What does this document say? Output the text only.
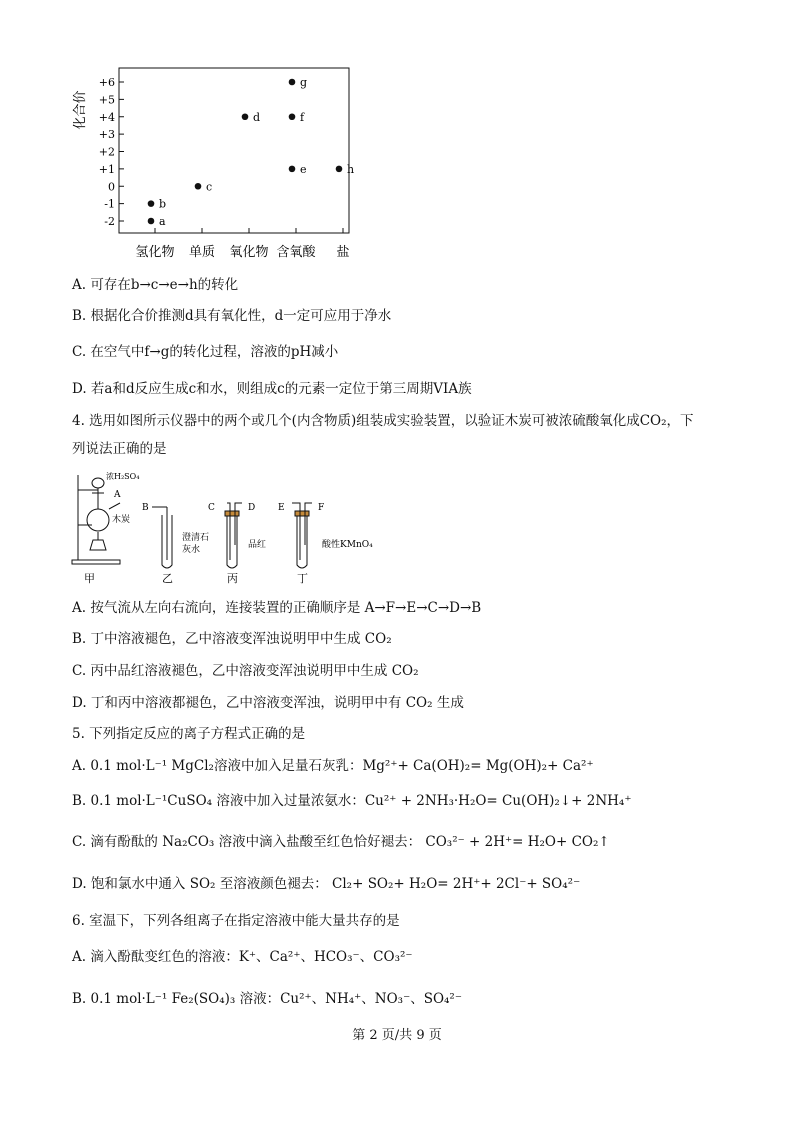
化合价
+6
+5
+4
+3
+2
+1
0
-1
-2
氢化物 单质 氧化物 含氧酸 盐
a
b
c
d
g
f
e	h
A. 可存在b→c→e→h的转化
B. 根据化合价推测d具有氧化性，d一定可应用于净水
C. 在空气中f→g的转化过程，溶液的pH减小
D. 若a和d反应生成c和水，则组成c的元素一定位于第三周期VIA族
4. 选用如图所示仪器中的两个或几个(内含物质)组装成实验装置，以验证木炭可被浓硫酸氧化成CO₂，下
列说法正确的是
浓H₂SO₄
A
木炭
甲
B
澄清石
灰水
乙
C	D
品红
丙
E	F
酸性KMnO₄
丁
A. 按气流从左向右流向，连接装置的正确顺序是 A→F→E→C→D→B
B. 丁中溶液褪色，乙中溶液变浑浊说明甲中生成 CO₂
C. 丙中品红溶液褪色，乙中溶液变浑浊说明甲中生成 CO₂
D. 丁和丙中溶液都褪色，乙中溶液变浑浊，说明甲中有 CO₂ 生成
5. 下列指定反应的离子方程式正确的是
A. 0.1 mol·L⁻¹ MgCl₂溶液中加入足量石灰乳：Mg²⁺+ Ca(OH)₂= Mg(OH)₂+ Ca²⁺
B. 0.1 mol·L⁻¹CuSO₄ 溶液中加入过量浓氨水：Cu²⁺ + 2NH₃·H₂O= Cu(OH)₂↓+ 2NH₄⁺
C. 滴有酚酞的 Na₂CO₃ 溶液中滴入盐酸至红色恰好褪去： CO₃²⁻ + 2H⁺= H₂O+ CO₂↑
D. 饱和氯水中通入 SO₂ 至溶液颜色褪去： Cl₂+ SO₂+ H₂O= 2H⁺+ 2Cl⁻+ SO₄²⁻
6. 室温下，下列各组离子在指定溶液中能大量共存的是
A. 滴入酚酞变红色的溶液：K⁺、Ca²⁺、HCO₃⁻、CO₃²⁻
B. 0.1 mol·L⁻¹ Fe₂(SO₄)₃ 溶液：Cu²⁺、NH₄⁺、NO₃⁻、SO₄²⁻
第 2 页/共 9 页
